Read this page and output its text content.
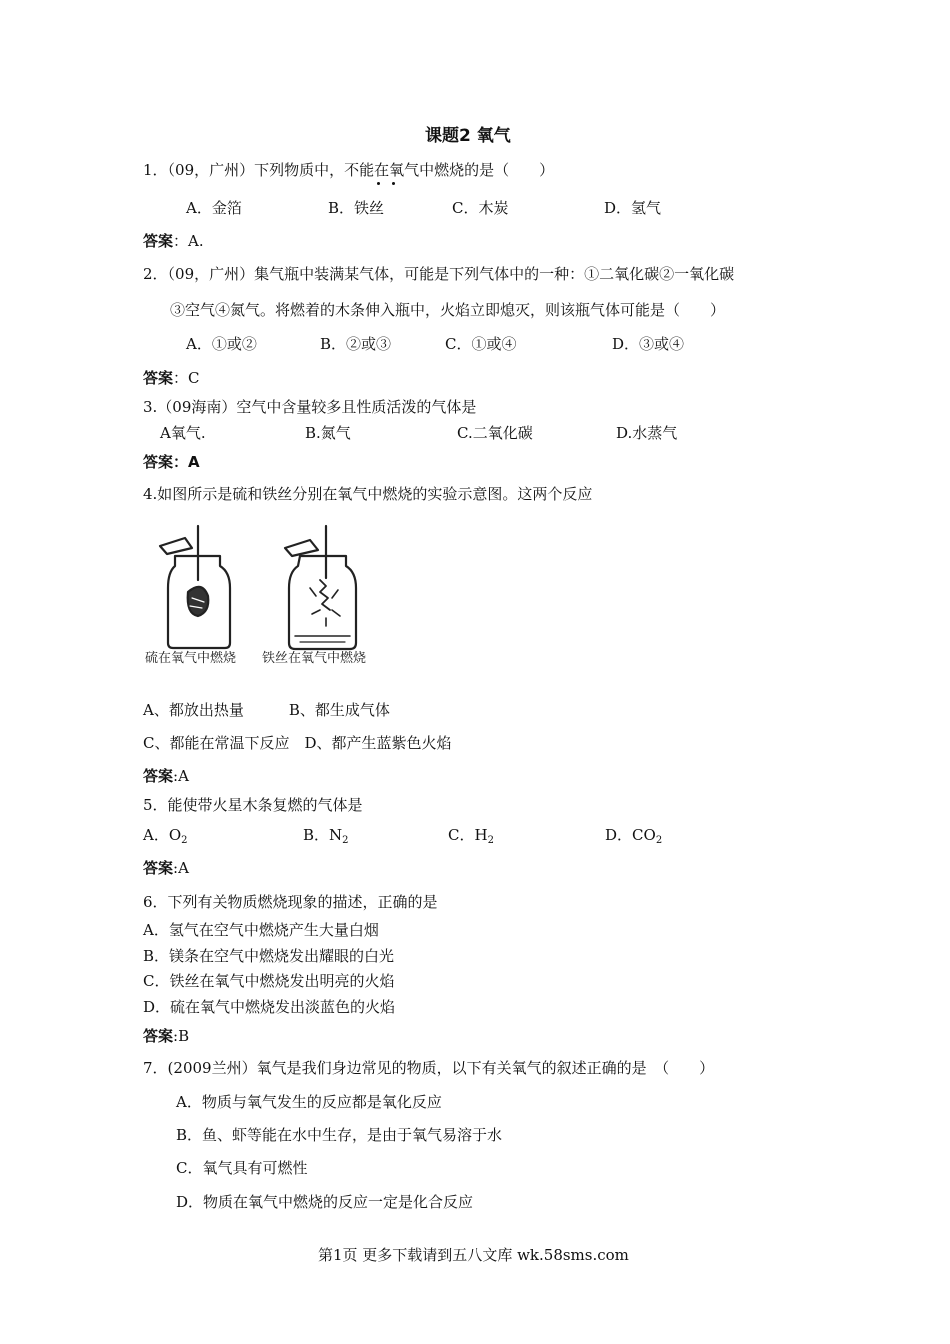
课题2 氧气
1．（09，广州）下列物质中，不能在氧气中燃烧的是（　　）
A．金箔	B．铁丝	C．木炭	D．氢气
答案：A.
2．（09，广州）集气瓶中装满某气体，可能是下列气体中的一种：①二氧化碳②一氧化碳
③空气④氮气。将燃着的木条伸入瓶中，火焰立即熄灭，则该瓶气体可能是（　　）
A．①或②	B．②或③	C．①或④	D．③或④
答案：C
3.（09海南）空气中含量较多且性质活泼的气体是
A氧气.	B.氮气	C.二氧化碳	D.水蒸气
答案：A
4.如图所示是硫和铁丝分别在氧气中燃烧的实验示意图。这两个反应
硫在氧气中燃烧 铁丝在氧气中燃烧
A、都放出热量　　　B、都生成气体
C、都能在常温下反应　D、都产生蓝紫色火焰
答案:A
5．能使带火星木条复燃的气体是
A．$O_2$	B．$N_2$	C．$H_2$	D．$CO_2$
答案:A
6．下列有关物质燃烧现象的描述，正确的是
A．氢气在空气中燃烧产生大量白烟
B．镁条在空气中燃烧发出耀眼的白光
C．铁丝在氧气中燃烧发出明亮的火焰
D．硫在氧气中燃烧发出淡蓝色的火焰
答案:B
7．(2009兰州）氧气是我们身边常见的物质，以下有关氧气的叙述正确的是　（　　）
A．物质与氧气发生的反应都是氧化反应
B．鱼、虾等能在水中生存，是由于氧气易溶于水
C．氧气具有可燃性
D．物质在氧气中燃烧的反应一定是化合反应
第1页 更多下载请到五八文库 wk.58sms.com
